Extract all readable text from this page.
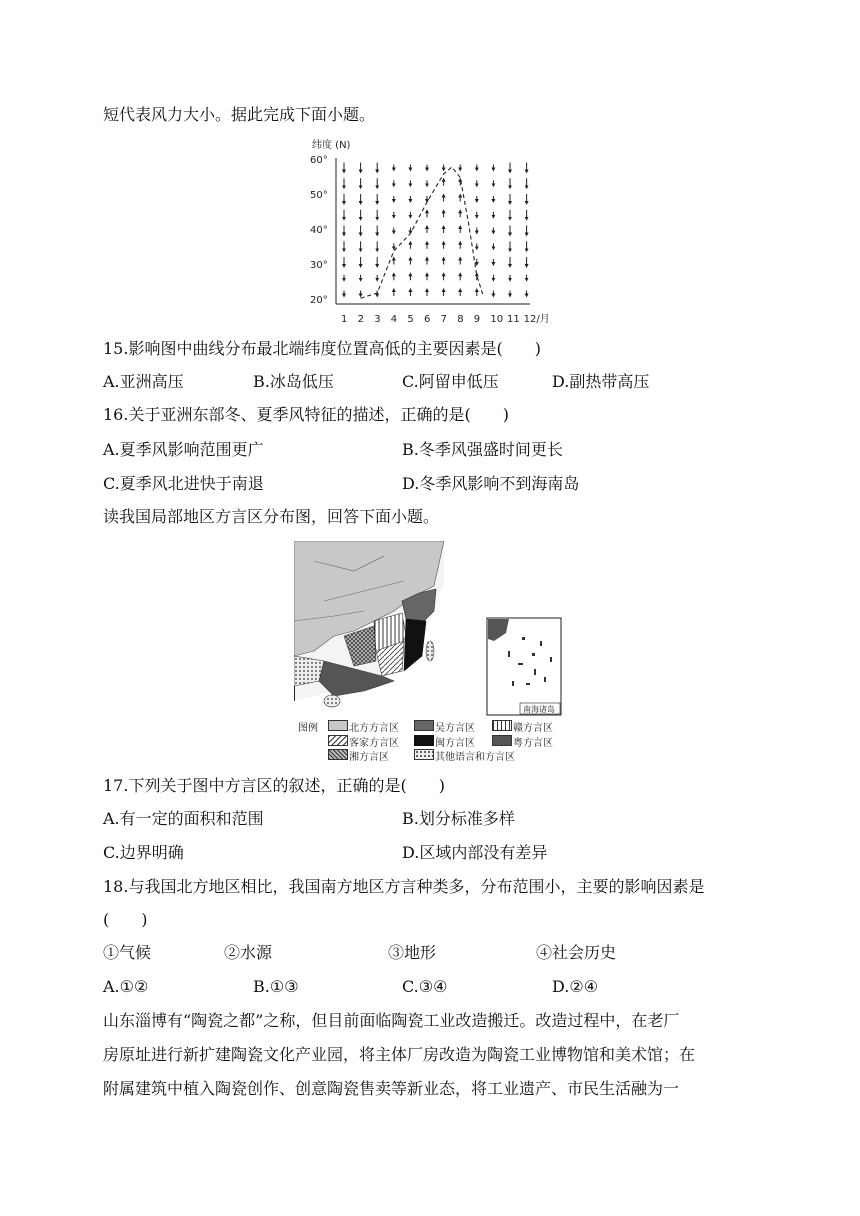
短代表风力大小。据此完成下面小题。
纬度 (N)
60°
50°
40°
30°
20°
1 2 3 4 5 6 7 8 9 10 11 12/月
15.影响图中曲线分布最北端纬度位置高低的主要因素是(　　)
A.亚洲高压	B.冰岛低压	C.阿留申低压	D.副热带高压
16.关于亚洲东部冬、夏季风特征的描述，正确的是(　　)
A.夏季风影响范围更广	B.冬季风强盛时间更长
C.夏季风北进快于南退	D.冬季风影响不到海南岛
读我国局部地区方言区分布图，回答下面小题。
南海诸岛
图例	北方方言区	吴方言区	赣方言区
客家方言区	闽方言区	粤方言区
湘方言区	其他语言和方言区
17.下列关于图中方言区的叙述，正确的是(　　)
A.有一定的面积和范围	B.划分标准多样
C.边界明确	D.区域内部没有差异
18.与我国北方地区相比，我国南方地区方言种类多，分布范围小，主要的影响因素是
(　　)
①气候	②水源	③地形	④社会历史
A.①②	B.①③	C.③④	D.②④
山东淄博有“陶瓷之都”之称，但目前面临陶瓷工业改造搬迁。改造过程中，在老厂
房原址进行新扩建陶瓷文化产业园，将主体厂房改造为陶瓷工业博物馆和美术馆；在
附属建筑中植入陶瓷创作、创意陶瓷售卖等新业态，将工业遗产、市民生活融为一
